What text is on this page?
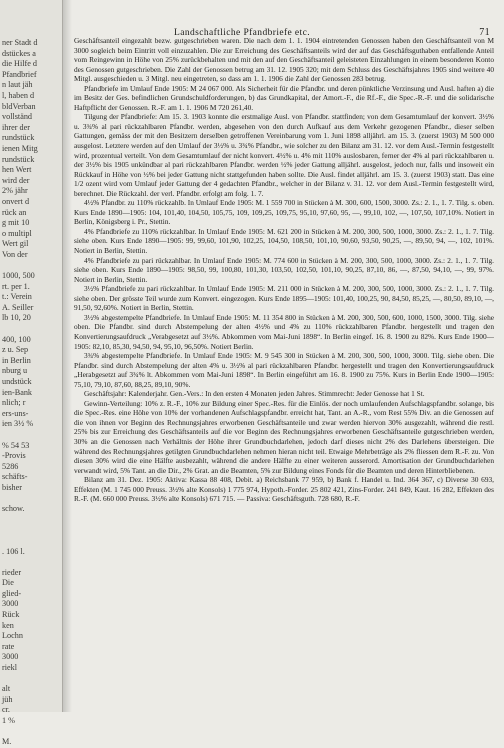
ner Stadt d
dstückes a
die Hilfe d
Pfandbrief
n laut jäh
l, haben d
bldVerban
vollständ
ihrer der
rundstück
ienen Mitg
rundstück
hen Wert
wird der
2% jähr
onvert d
rück an
g mit 10
o multipl
Wert gil
Von der
1000, 500
rt. per 1.
t.: Verein
A. Seiller
lb 10, 20
400, 100
z u. Sep
in Berlin
nburg u
undstück
ien-Bank
nlich; r
ers-uns-
ien 3½ %
% 54 53
-Provis
5286
schäfts-
bisher
schow.
. 106 l.
rieder
Die
glied-
3000
Rück
ken
Lochn
rate
3000
riekl
alt
jüh
cr.
1 %
M.
Landschaftliche Pfandbriefe etc.	71

Geschäftsanteil eingezahlt bezw. gutgeschrieben waren. Die nach dem 1. 1. 1904 eintretenden Genossen haben den Geschäftsanteil von M 3000 sogleich beim Eintritt voll einzuzahlen. Die zur Erreichung des Geschäftsanteils wird der auf das Geschäftsguthaben entfallende Anteil vom Reingewinn in Höhe von 25% zurückbehalten und mit den auf den Geschäftsanteil geleisteten Einzahlungen in einem besonderen Konto des Genossen gutgeschrieben. Die Zahl der Genossen betrug am 31. 12. 1905 320; mit dem Schluss des Geschäftsjahres 1905 sind weitere 40 Mitgl. ausgeschieden u. 3 Mitgl. neu eingetreten, so dass am 1. 1. 1906 die Zahl der Genossen 283 betrug.

Pfandbriefe im Umlauf Ende 1905: M 24 067 000. Als Sicherheit für die Pfandbr. und deren pünktliche Verzinsung und Ausl. haften a) die im Besitz der Ges. befindlichen Grundschuldforderungen, b) das Grundkapital, der Amort.-F., die Rf.-F., die Spec.-R.-F. und die solidarische Haftpflicht der Genossen. R.-F. am 1. 1. 1906 M 720 261,40.

Tilgung der Pfandbriefe: Am 15. 3. 1903 konnte die erstmalige Ausl. von Pfandbr. stattfinden; von dem Gesamtumlauf der konvert. 3½% u. 3¾% al pari rückzahlbaren Pfandbr. werden, abgesehen von den durch Aufkauf aus dem Verkehr gezogenen Pfandbr., dieser selben Gattungen, gemäss der mit den Besitzern derselben getroffenen Vereinbarung vom 1. Juni 1898 alljährl. am 15. 3. (zuerst 1903) M 500 000 ausgelost. Letztere werden auf den Umlauf der 3½% u. 3¾% Pfandbr., wie solcher zu den Bilanz am 31. 12. vor dem Ausl.-Termin festgestellt wird, prozentual verteilt. Von dem Gesamtumlauf der nicht konvert. 4½% u. 4% mit 110% auslosbaren, ferner der 4% al pari rückzahlbaren u. der 3½% bis 1905 unkündbar al pari rückzahlbaren Pfandbr. werden ½% jeder Gattung alljährl. ausgelost, jedoch nur, falls und insoweit ein Rückkauf in Höhe von ½% bei jeder Gattung nicht stattgefunden haben sollte. Die Ausl. findet alljährl. am 15. 3. (zuerst 1903) statt. Das eine 1/2 ozent wird vom Umlauf jeder Gattung der 4 gedachten Pfandbr., welcher in der Bilanz v. 31. 12. vor dem Ausl.-Termin festgestellt wird, berechnet. Die Rückzahl. der verl. Pfandbr. erfolgt am folg. 1. 7.

4½% Pfandbr. zu 110% rückzahlb. In Umlauf Ende 1905: M. 1 559 700 in Stücken à M. 300, 600, 1500, 3000. Zs.: 2. 1., 1. 7. Tilg. s. oben. Kurs Ende 1890—1905: 104, 101,40, 104,50, 105,75, 109, 109,25, 109,75, 95,10, 97,60, 95, —, 99,10, 102, —, 107,50, 107,10%. Notiert in Berlin, Königsberg i. Pr., Stettin.

4% Pfandbriefe zu 110% rückzahlbar. In Umlauf Ende 1905: M. 621 200 in Stücken à M. 200, 300, 500, 1000, 3000. Zs.: 2. 1., 1. 7. Tilg. siehe oben. Kurs Ende 1890—1905: 99, 99,60, 101,90, 102,25, 104,50, 108,50, 101,10, 90,60, 93,50, 90,25, —, 89,50, 94, —, 102, 101%. Notiert in Berlin, Stettin.

4% Pfandbriefe zu pari rückzahlbar. In Umlauf Ende 1905: M. 774 600 in Stücken à M. 200, 300, 500, 1000, 3000. Zs.: 2. 1., 1. 7. Tilg. siehe oben. Kurs Ende 1890—1905: 98,50, 99, 100,80, 101,30, 103,50, 102,50, 101,10, 90,25, 87,10, 86, —, 87,50, 94,10, —, 99, 97%. Notiert in Berlin, Stettin.

3½% Pfandbriefe zu pari rückzahlbar. In Umlauf Ende 1905: M. 211 000 in Stücken à M. 200, 300, 500, 1000, 3000. Zs.: 2. 1., 1. 7. Tilg. siehe oben. Der grösste Teil wurde zum Konvert. eingezogen. Kurs Ende 1895—1905: 101,40, 100,25, 90, 84,50, 85,25, —, 80,50, 89,10, —, 91,50, 92,60%. Notiert in Berlin, Stettin.

3½% abgestempelte Pfandbriefe. In Umlauf Ende 1905: M. 11 354 800 in Stücken à M. 200, 300, 500, 600, 1000, 1500, 3000. Tilg. siehe oben. Die Pfandbr. sind durch Abstempelung der alten 4½% und 4% zu 110% rückzahlbaren Pfandbr. hergestellt und tragen den Konvertierungsaufdruck „Verabgesetzt auf 3½%. Abkommen vom Mai-Juni 1898“. In Berlin eingef. 16. 8. 1900 zu 82%. Kurs Ende 1900—1905: 82,10, 85,30, 94,50, 94, 95,10, 96,50%. Notiert Berlin.

3¾% abgestempelte Pfandbriefe. In Umlauf Ende 1905: M. 9 545 300 in Stücken à M. 200, 300, 500, 1000, 3000. Tilg. siehe oben. Die Pfandbr. sind durch Abstempelung der alten 4% u. 3½% al pari rückzahlbaren Pfandbr. hergestellt und tragen den Konvertierungsaufdruck „Herabgesetzt auf 3¾% lt. Abkommen vom Mai-Juni 1898“. In Berlin eingeführt am 16. 8. 1900 zu 75%. Kurs in Berlin Ende 1900—1905: 75,10, 79,10, 87,60, 88,25, 89,10, 90%.

Geschäftsjahr: Kalenderjahr. Gen.-Vers.: In den ersten 4 Monaten jeden Jahres. Stimmrecht: Jeder Genosse hat 1 St.

Gewinn-Verteilung: 10% z. R.-F., 10% zur Bildung einer Spec.-Res. für die Einlös. der noch umlaufenden Aufschlagspfandbr. solange, bis die Spec.-Res. eine Höhe von 10% der vorhandenen Aufschlagspfandbr. erreicht hat, Tant. an A.-R., vom Rest 55% Div. an die Genossen auf die von ihnen vor Beginn des Rechnungsjahres erworbenen Geschäftsanteile und zwar werden hiervon 30% ausgezahlt, während die restl. 25% bis zur Erreichung des Geschäftsanteils auf die vor Beginn des Rechnungsjahres erworbenen Geschäftsanteile gutgeschrieben werden, 30% an die Genossen nach Verhältnis der Höhe ihrer Grundbuchdarlehen, jedoch darf dieses nicht 2% des Darlehens übersteigen. Die während des Rechnungsjahres getilgten Grundbuchdarlehen nehmen hieran nicht teil. Etwaige Mehrbeträge als 2% fliessen dem R.-F. zu. Von diesen 30% wird die eine Hälfte ausbezahlt, während die andere Hälfte zu einer weiteren ausserord. Amortisation der Grundbuchdarlehen verwandt wird, 5% Tant. an die Dir., 2% Grat. an die Beamten, 5% zur Bildung eines Fonds für die Beamten und deren Hinterbliebenen.

Bilanz am 31. Dez. 1905: Aktiva: Kassa 88 408, Debit. a) Reichsbank 77 959, b) Bank f. Handel u. Ind. 364 367, c) Diverse 30 693, Effekten (M. 1 745 000 Preuss. 3½% alte Konsols) 1 775 974, Hypoth.-Forder. 25 802 421, Zins-Forder. 241 849, Kaut. 16 282, Effekten des R.-F. (M. 660 000 Preuss. 3½% alte Konsols) 671 715. — Passiva: Geschäftsguth. 728 680, R.-F.
